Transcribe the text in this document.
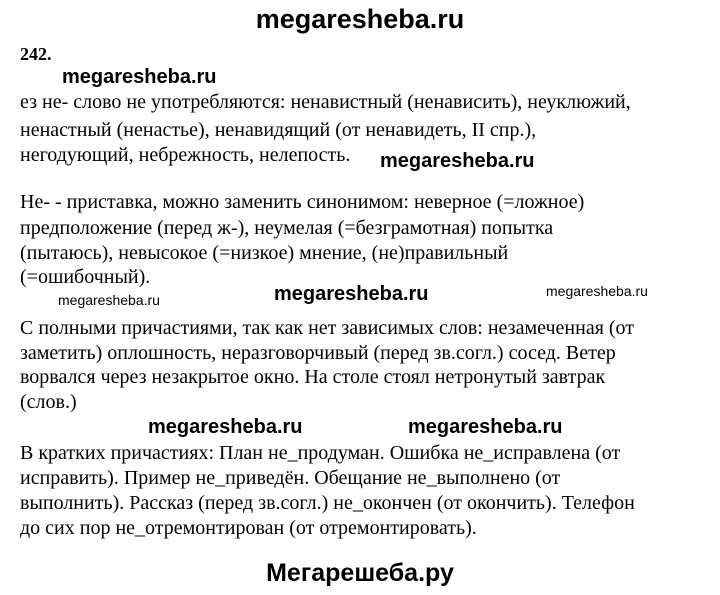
megaresheba.ru
242.
megaresheba.ru
ез не- слово не употребляются: ненавистный (ненависить), неуклюжий,
ненастный (ненастье), ненавидящий (от ненавидеть, II спр.),
негодующий, небрежность, нелепость. megaresheba.ru
Не- - приставка, можно заменить синонимом: неверное (=ложное)
предположение (перед ж-), неумелая (=безграмотная) попытка
(пытаюсь), невысокое (=низкое) мнение, (не)правильный
(=ошибочный).
megaresheba.ru	megaresheba.ru	megaresheba.ru
С полными причастиями, так как нет зависимых слов: незамеченная (от
заметить) оплошность, неразговорчивый (перед зв.согл.) сосед. Ветер
ворвался через незакрытое окно. На столе стоял нетронутый завтрак
(слов.)
megaresheba.ru	megaresheba.ru
В кратких причастиях: План не_продуман. Ошибка не_исправлена (от
исправить). Пример не_приведён. Обещание не_выполнено (от
выполнить). Рассказ (перед зв.согл.) не_окончен (от окончить). Телефон
до сих пор не_отремонтирован (от отремонтировать).
Мегарешеба.ру
